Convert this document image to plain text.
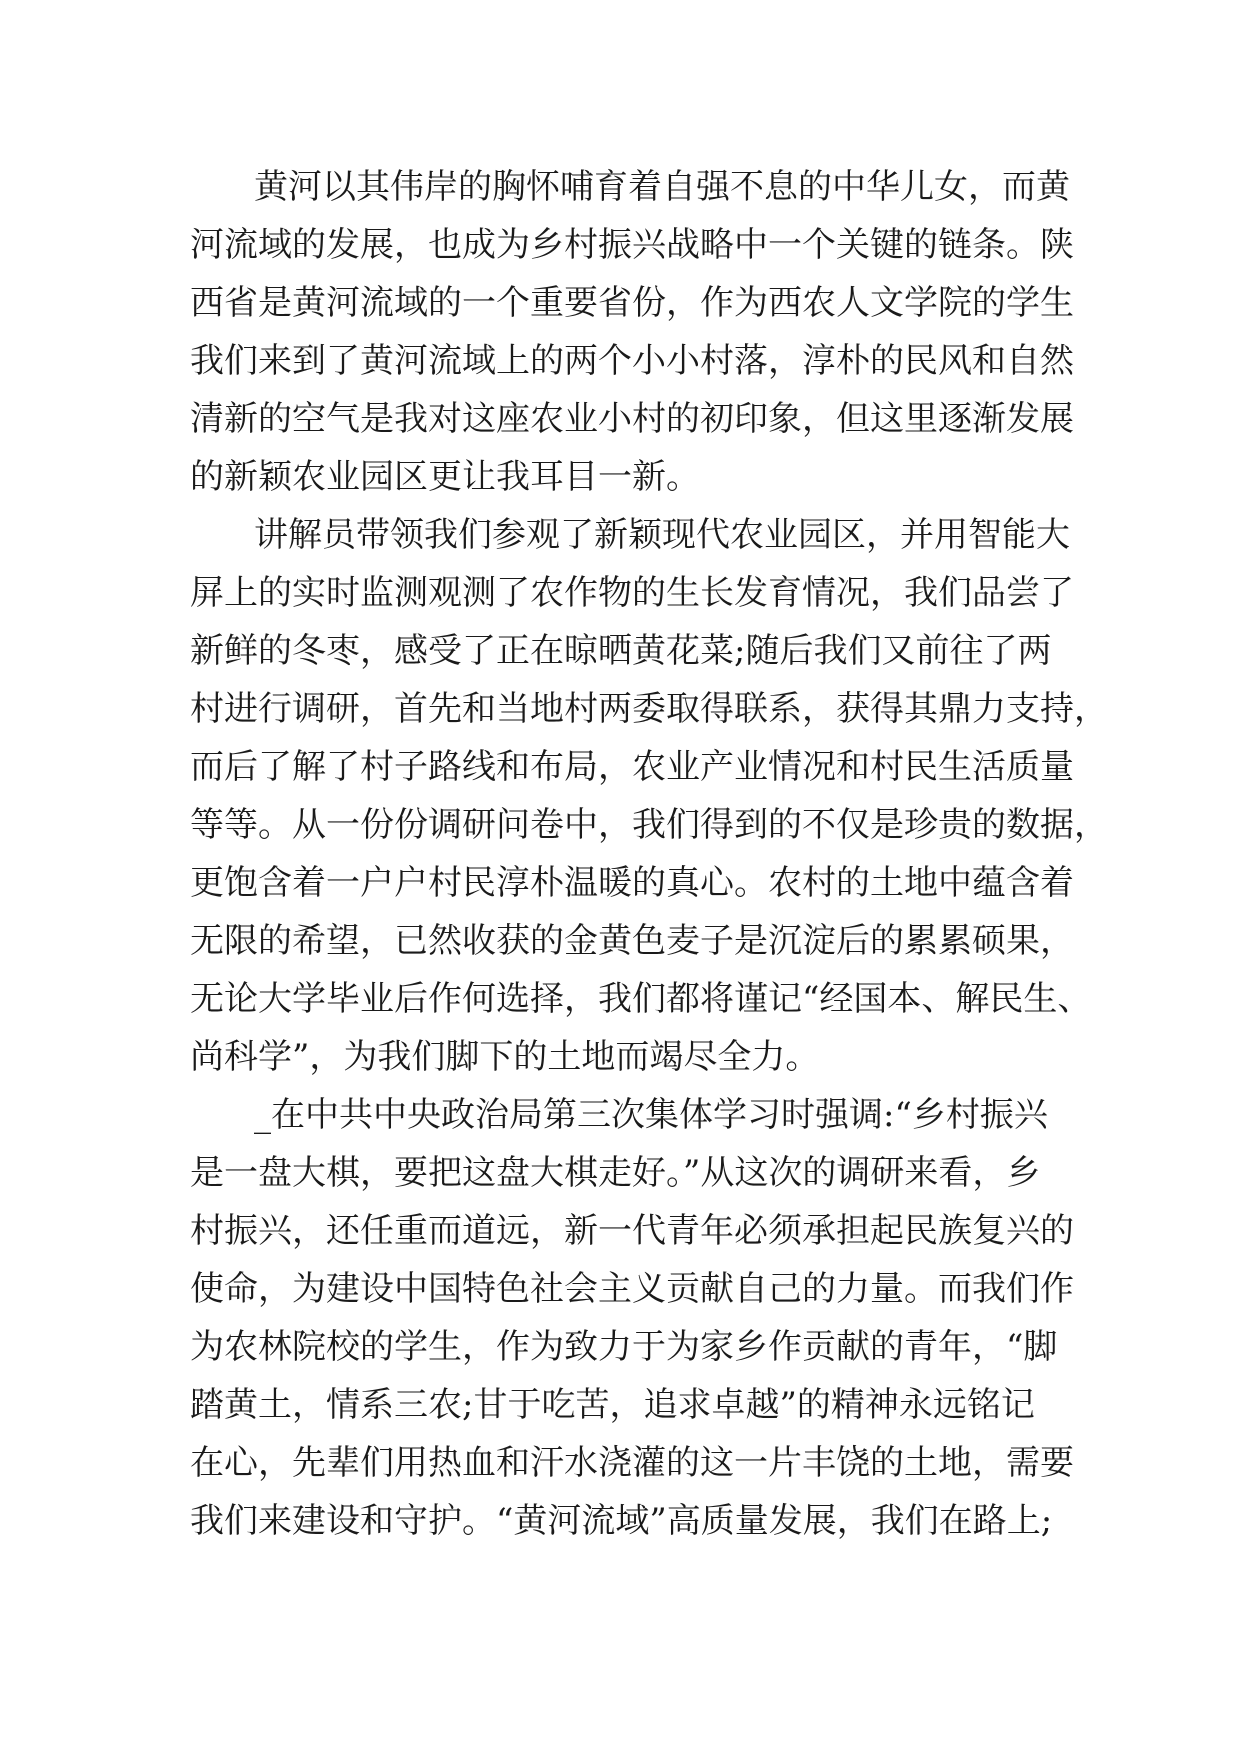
黄河以其伟岸的胸怀哺育着自强不息的中华儿女，而黄
河流域的发展，也成为乡村振兴战略中一个关键的链条。陕
西省是黄河流域的一个重要省份，作为西农人文学院的学生
我们来到了黄河流域上的两个小小村落，淳朴的民风和自然
清新的空气是我对这座农业小村的初印象，但这里逐渐发展
的新颖农业园区更让我耳目一新。
讲解员带领我们参观了新颖现代农业园区，并用智能大
屏上的实时监测观测了农作物的生长发育情况，我们品尝了
新鲜的冬枣，感受了正在晾晒黄花菜;随后我们又前往了两
村进行调研，首先和当地村两委取得联系，获得其鼎力支持，
而后了解了村子路线和布局，农业产业情况和村民生活质量
等等。从一份份调研问卷中，我们得到的不仅是珍贵的数据，
更饱含着一户户村民淳朴温暖的真心。农村的土地中蕴含着
无限的希望，已然收获的金黄色麦子是沉淀后的累累硕果，
无论大学毕业后作何选择，我们都将谨记“经国本、解民生、
尚科学”，为我们脚下的土地而竭尽全力。
_在中共中央政治局第三次集体学习时强调:“乡村振兴
是一盘大棋，要把这盘大棋走好。”从这次的调研来看，乡
村振兴，还任重而道远，新一代青年必须承担起民族复兴的
使命，为建设中国特色社会主义贡献自己的力量。而我们作
为农林院校的学生，作为致力于为家乡作贡献的青年，“脚
踏黄土，情系三农;甘于吃苦，追求卓越”的精神永远铭记
在心，先辈们用热血和汗水浇灌的这一片丰饶的土地，需要
我们来建设和守护。“黄河流域”高质量发展，我们在路上;
